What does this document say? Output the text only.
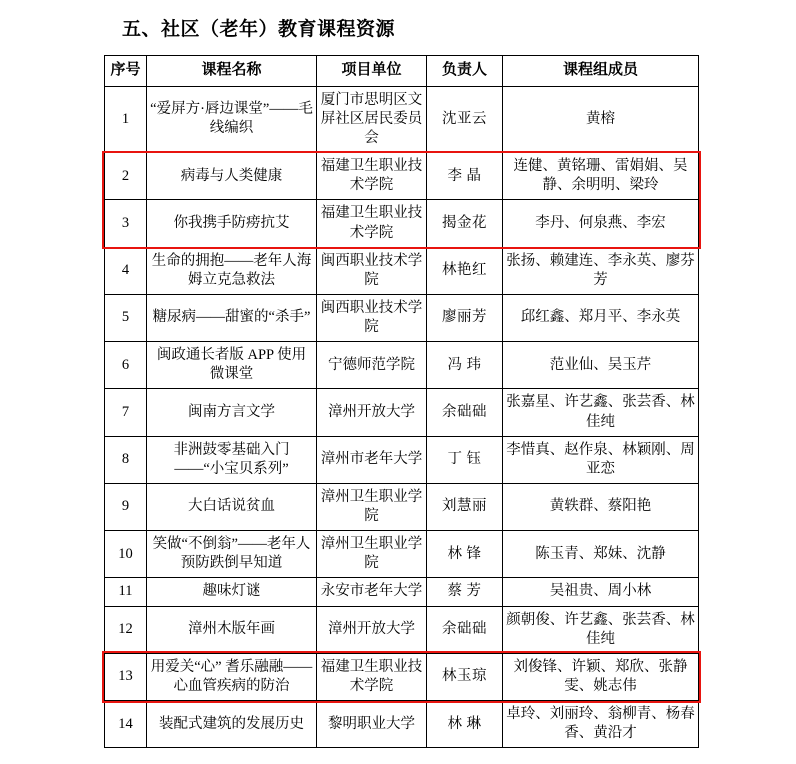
五、社区（老年）教育课程资源
序号	课程名称	项目单位	负责人	课程组成员
1	“爱屏方·唇边课堂”——毛线编织	厦门市思明区文屏社区居民委员会	沈亚云	黄榕
2	病毒与人类健康	福建卫生职业技术学院	李 晶	连健、黄铭珊、雷娟娟、吴静、余明明、梁玲
3	你我携手防痨抗艾	福建卫生职业技术学院	揭金花	李丹、何泉燕、李宏
4	生命的拥抱——老年人海姆立克急救法	闽西职业技术学院	林艳红	张扬、赖建连、李永英、廖芬芳
5	糖尿病——甜蜜的“杀手”	闽西职业技术学院	廖丽芳	邱红鑫、郑月平、李永英
6	闽政通长者版 APP 使用微课堂	宁德师范学院	冯 玮	范业仙、吴玉芹
7	闽南方言文学	漳州开放大学	余础础	张嘉星、许艺鑫、张芸香、林佳纯
8	非洲鼓零基础入门——“小宝贝系列”	漳州市老年大学	丁 钰	李惜真、赵作泉、林颖刚、周亚恋
9	大白话说贫血	漳州卫生职业学院	刘慧丽	黄轶群、蔡阳艳
10	笑做“不倒翁”——老年人预防跌倒早知道	漳州卫生职业学院	林 锋	陈玉青、郑妹、沈静
11	趣味灯谜	永安市老年大学	蔡 芳	吴祖贵、周小林
12	漳州木版年画	漳州开放大学	余础础	颜朝俊、许艺鑫、张芸香、林佳纯
13	用爱关“心” 耆乐融融——心血管疾病的防治	福建卫生职业技术学院	林玉琼	刘俊锋、许颖、郑欣、张静雯、姚志伟
14	装配式建筑的发展历史	黎明职业大学	林 琳	卓玲、刘丽玲、翁柳青、杨春香、黄沿才
